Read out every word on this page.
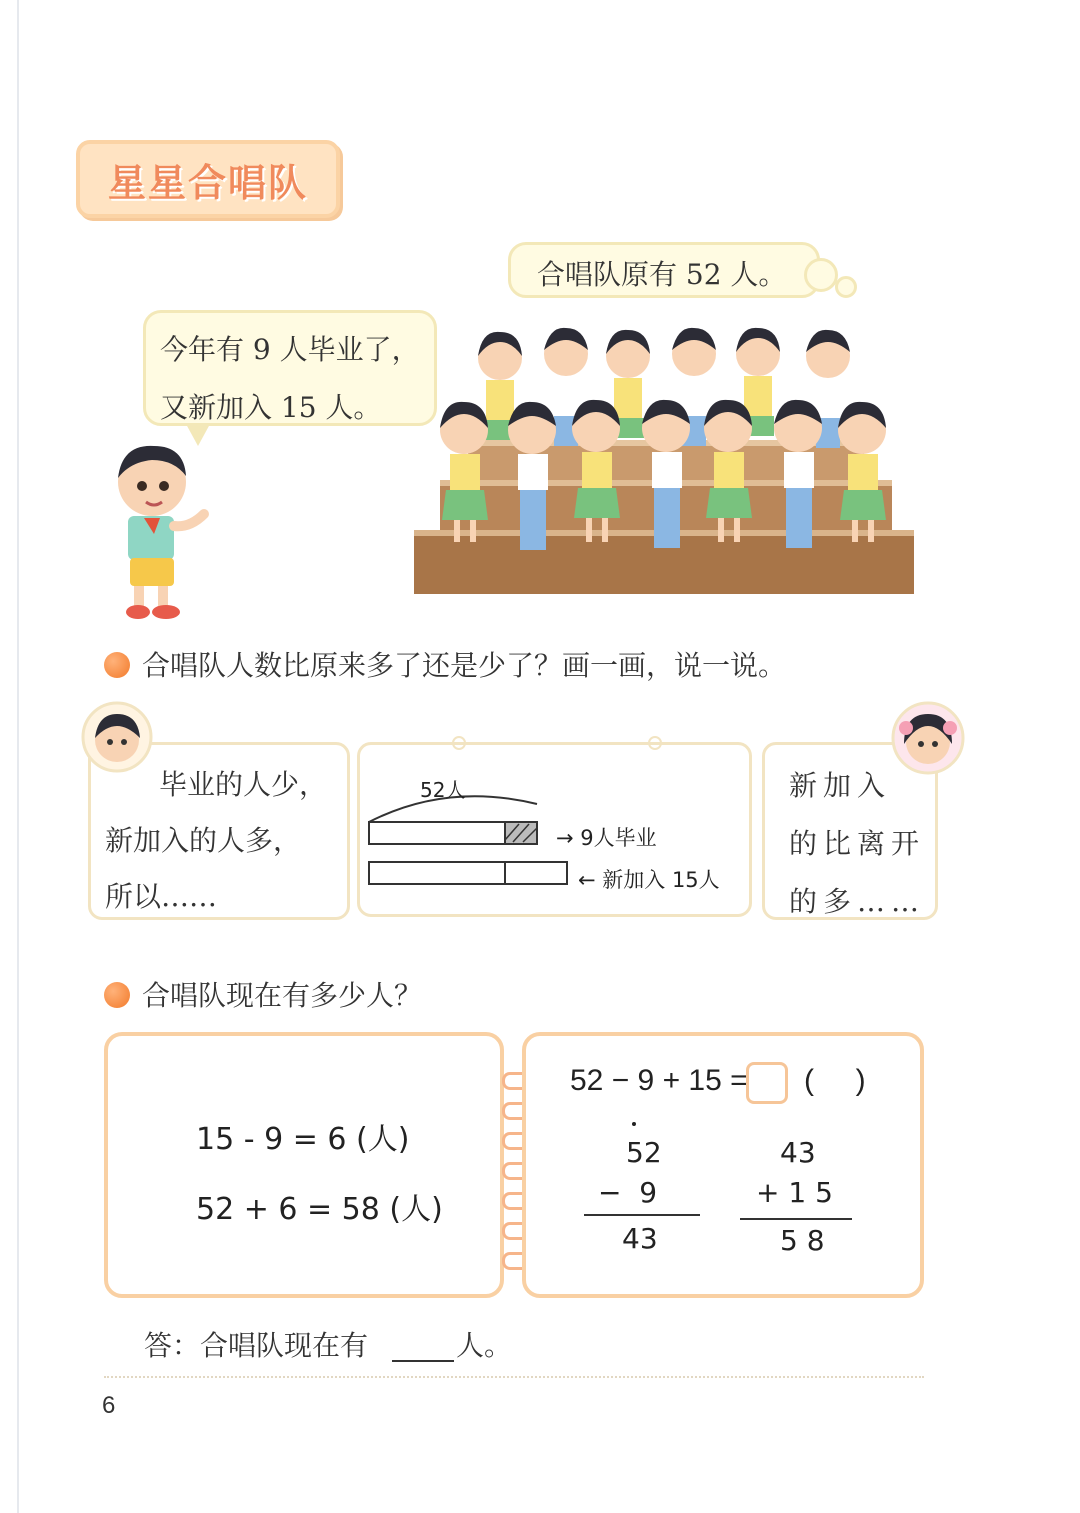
星星合唱队
合唱队原有 52 人。
今年有 9 人毕业了，
又新加入 15 人。
合唱队人数比原来多了还是少了？画一画，说一说。
毕业的人少，
新加入的人多，
所以……
52人
→ 9人毕业
← 新加入 15人
新加入
的比离开
的多……
合唱队现在有多少人？
15 - 9 = 6 (人)
52 + 6 = 58 (人)
52 − 9 + 15 = (     )
52
−  9
43
43
+ 1 5
5 8
答：合唱队现在有	人。
6
